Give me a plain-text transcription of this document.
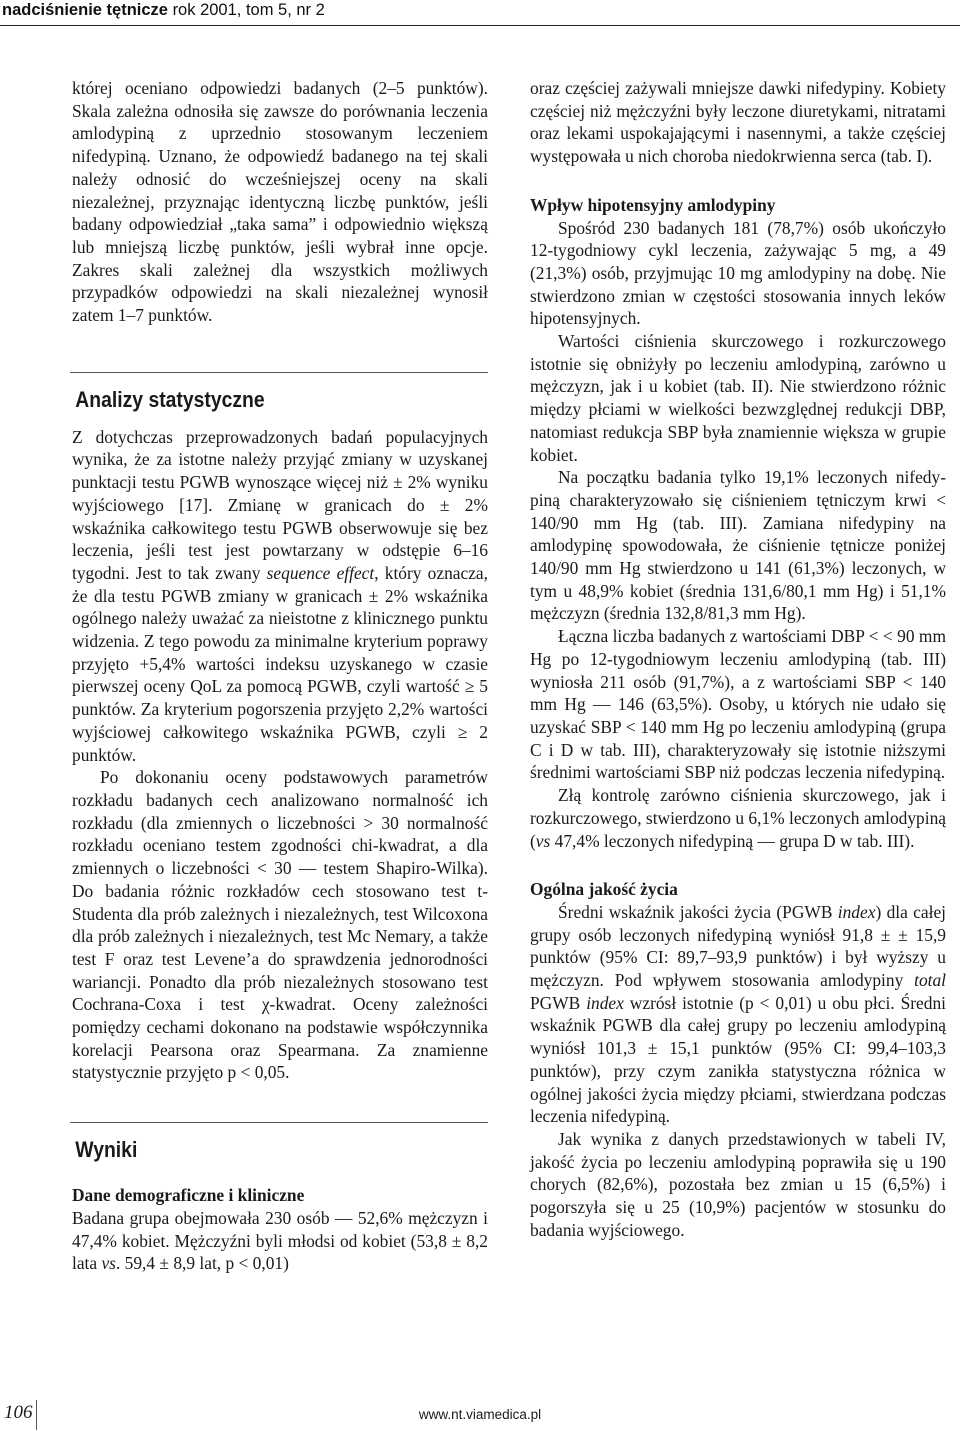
nadciśnienie tętnicze rok 2001, tom 5, nr 2

której oceniano odpowiedzi badanych (2–5 punktów). Skala zależna odnosiła się zawsze do porównania leczenia amlodypiną z uprzednio stosowanym leczeniem nifedypiną. Uznano, że odpowiedź badanego na tej skali należy odnosić do wcześniejszej oceny na skali niezależnej, przyznając identyczną liczbę punktów, jeśli badany odpowiedział „taka sama” i odpowiednio większą lub mniejszą liczbę punktów, jeśli wybrał inne opcje. Zakres skali zależnej dla wszystkich możliwych przypadków odpowiedzi na skali niezależnej wynosił zatem 1–7 punktów.

Analizy statystyczne

Z dotychczas przeprowadzonych badań populacyjnych wynika, że za istotne należy przyjąć zmiany w uzyskanej punktacji testu PGWB wynoszące więcej niż ± 2% wyniku wyjściowego [17]. Zmianę w granicach do ± 2% wskaźnika całkowitego testu PGWB obserwowuje się bez leczenia, jeśli test jest powtarzany w odstępie 6–16 tygodni. Jest to tak zwany sequence effect, który oznacza, że dla testu PGWB zmiany w granicach ± 2% wskaźnika ogólnego należy uważać za nieistotne z klinicznego punktu widzenia. Z tego powodu za minimalne kryterium poprawy przyjęto +5,4% wartości indeksu uzyskanego w czasie pierwszej oceny QoL za pomocą PGWB, czyli wartość ≥ 5 punktów. Za kryterium pogorszenia przyjęto 2,2% wartości wyjściowej całkowitego wskaźnika PGWB, czyli ≥ 2 punktów.

Po dokonaniu oceny podstawowych parametrów rozkładu badanych cech analizowano normalność ich rozkładu (dla zmiennych o liczebności > 30 normalność rozkładu oceniano testem zgodności chi-kwadrat, a dla zmiennych o liczebności < 30 — testem Shapiro-Wilka). Do badania różnic rozkładów cech stosowano test t-Studenta dla prób zależnych i niezależnych, test Wilcoxona dla prób zależnych i niezależnych, test Mc Nemary, a także test F oraz test Levene’a do sprawdzenia jednorodności wariancji. Ponadto dla prób niezależnych stosowano test Cochrana-Coxa i test χ-kwadrat. Oceny zależności pomiędzy cechami dokonano na podstawie współczynnika korelacji Pearsona oraz Spearmana. Za znamienne statystycznie przyjęto p < 0,05.

Wyniki
Dane demograficzne i kliniczne

Badana grupa obejmowała 230 osób — 52,6% mężczyzn i 47,4% kobiet. Mężczyźni byli młodsi od kobiet (53,8 ± 8,2 lata vs. 59,4 ± 8,9 lat, p < 0,01)

oraz częściej zażywali mniejsze dawki nifedypiny. Kobiety częściej niż mężczyźni były leczone diuretykami, nitratami oraz lekami uspokajającymi i nasennymi, a także częściej występowała u nich choroba niedokrwienna serca (tab. I).

Wpływ hipotensyjny amlodypiny

Spośród 230 badanych 181 (78,7%) osób ukończyło 12-tygodniowy cykl leczenia, zażywając 5 mg, a 49 (21,3%) osób, przyjmując 10 mg amlodypiny na dobę. Nie stwierdzono zmian w częstości stosowania innych leków hipotensyjnych.

Wartości ciśnienia skurczowego i rozkurczowego istotnie się obniżyły po leczeniu amlodypiną, zarówno u mężczyzn, jak i u kobiet (tab. II). Nie stwierdzono różnic między płciami w wielkości bezwzględnej redukcji DBP, natomiast redukcja SBP była znamiennie większa w grupie kobiet.

Na początku badania tylko 19,1% leczonych nifedypiną charakteryzowało się ciśnieniem tętniczym krwi < 140/90 mm Hg (tab. III). Zamiana nifedypiny na amlodypinę spowodowała, że ciśnienie tętnicze poniżej 140/90 mm Hg stwierdzono u 141 (61,3%) leczonych, w tym u 48,9% kobiet (średnia 131,6/80,1 mm Hg) i 51,1% mężczyzn (średnia 132,8/81,3 mm Hg).

Łączna liczba badanych z wartościami DBP < < 90 mm Hg po 12-tygodniowym leczeniu amlodypiną (tab. III) wyniosła 211 osób (91,7%), a z wartościami SBP < 140 mm Hg — 146 (63,5%). Osoby, u których nie udało się uzyskać SBP < 140 mm Hg po leczeniu amlodypiną (grupa C i D w tab. III), charakteryzowały się istotnie niższymi średnimi wartościami SBP niż podczas leczenia nifedypiną.

Złą kontrolę zarówno ciśnienia skurczowego, jak i rozkurczowego, stwierdzono u 6,1% leczonych amlodypiną (vs 47,4% leczonych nifedypiną — grupa D w tab. III).

Ogólna jakość życia

Średni wskaźnik jakości życia (PGWB index) dla całej grupy osób leczonych nifedypiną wyniósł 91,8 ± ± 15,9 punktów (95% CI: 89,7–93,9 punktów) i był wyższy u mężczyzn. Pod wpływem stosowania amlodypiny total PGWB index wzrósł istotnie (p < 0,01) u obu płci. Średni wskaźnik PGWB dla całej grupy po leczeniu amlodypiną wyniósł 101,3 ± 15,1 punktów (95% CI: 99,4–103,3 punktów), przy czym zanikła statystyczna różnica w ogólnej jakości życia między płciami, stwierdzana podczas leczenia nifedypiną.

Jak wynika z danych przedstawionych w tabeli IV, jakość życia po leczeniu amlodypiną poprawiła się u 190 chorych (82,6%), pozostała bez zmian u 15 (6,5%) i pogorszyła się u 25 (10,9%) pacjentów w stosunku do badania wyjściowego.

106	www.nt.viamedica.pl
